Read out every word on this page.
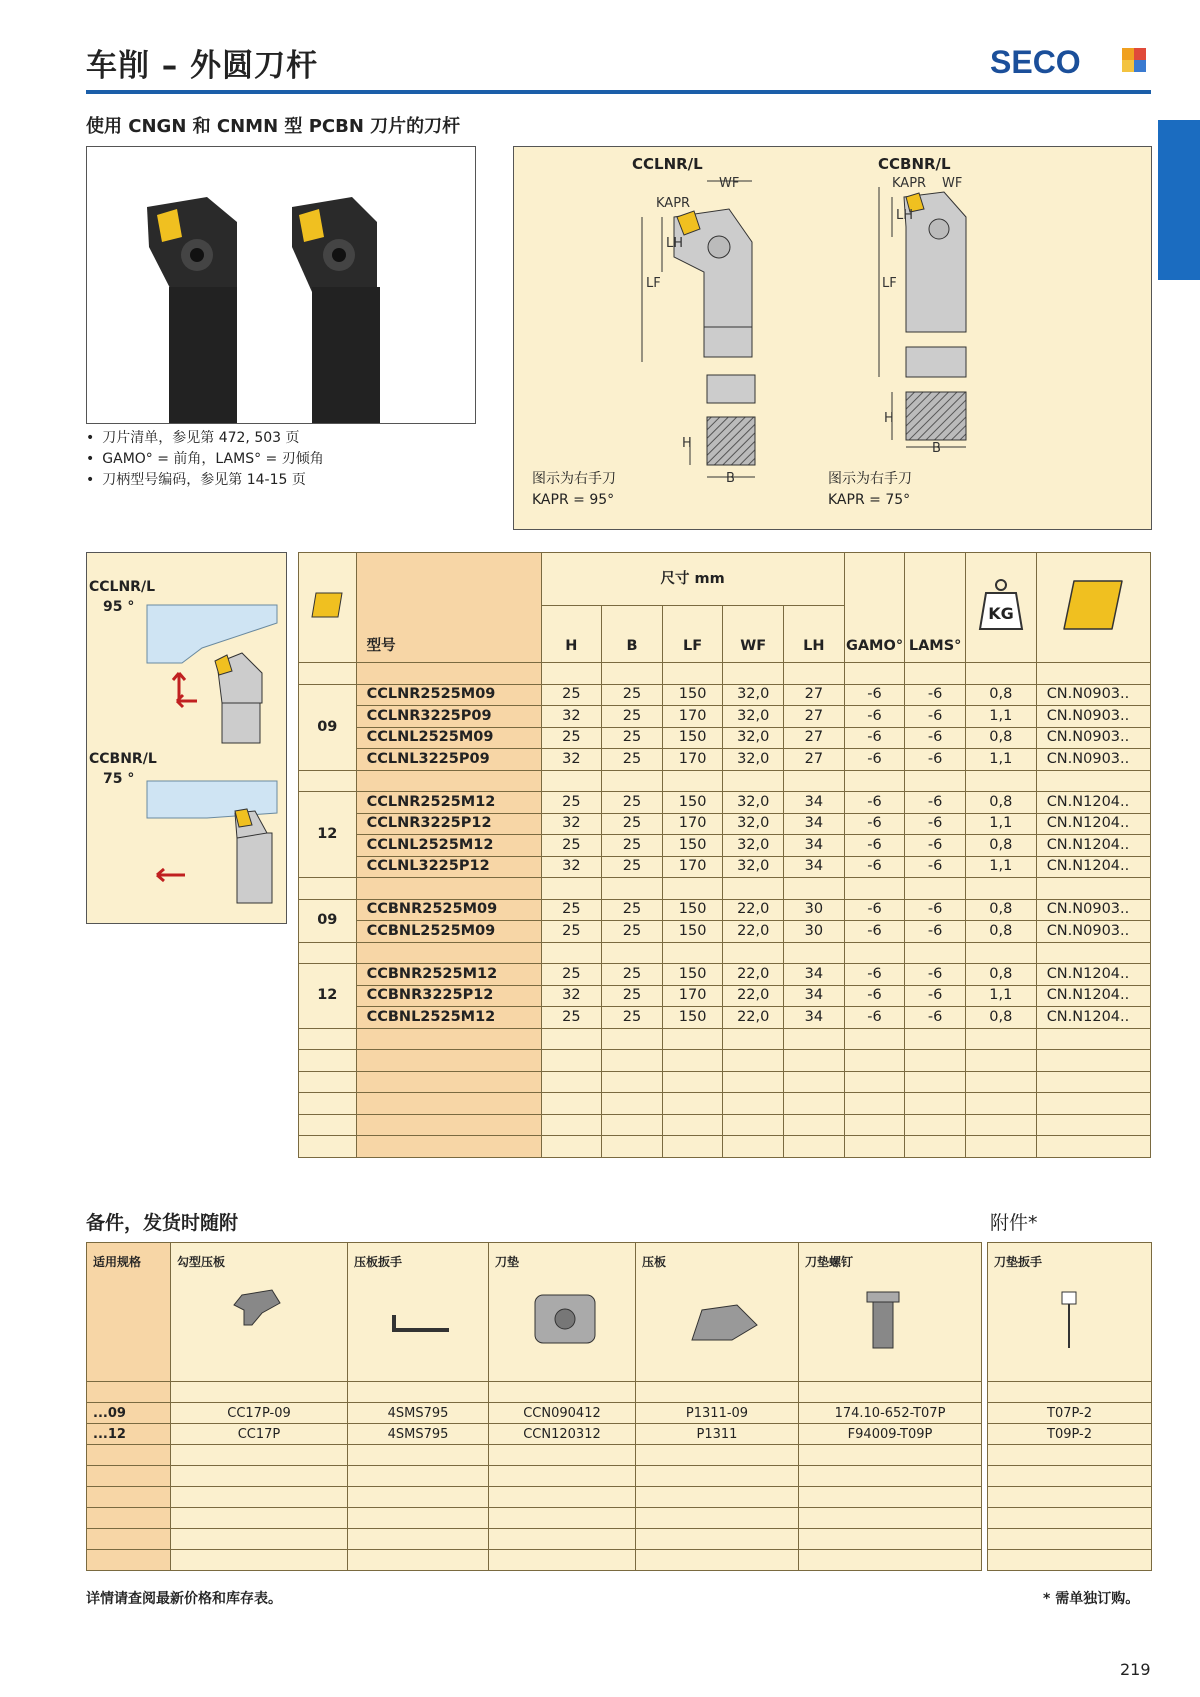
车削 – 外圆刀杆	SECO
使用 CNGN 和 CNMN 型 PCBN 刀片的刀杆
• 刀片清单，参见第 472, 503 页
• GAMO° = 前角，LAMS° = 刃倾角
• 刀柄型号编码，参见第 14-15 页
CCLNR/L	CCBNR/L
WF
KAPR
LH
LF
H
B
KAPR WF
LH
LF
H
B
图示为右手刀
KAPR = 95°
图示为右手刀
KAPR = 75°
CCLNR/L
95 °
CCBNR/L
75 °
	型号	尺寸 mm					GAMO°	LAMS°	KG

		H	B	LF	WF	LH				

09	CCLNR2525M09	25	25	150	32,0	27	-6	-6	0,8	CN.N0903..
	CCLNR3225P09	32	25	170	32,0	27	-6	-6	1,1	CN.N0903..
	CCLNL2525M09	25	25	150	32,0	27	-6	-6	0,8	CN.N0903..
	CCLNL3225P09	32	25	170	32,0	27	-6	-6	1,1	CN.N0903..

12	CCLNR2525M12	25	25	150	32,0	34	-6	-6	0,8	CN.N1204..
	CCLNR3225P12	32	25	170	32,0	34	-6	-6	1,1	CN.N1204..
	CCLNL2525M12	25	25	150	32,0	34	-6	-6	0,8	CN.N1204..
	CCLNL3225P12	32	25	170	32,0	34	-6	-6	1,1	CN.N1204..

09	CCBNR2525M09	25	25	150	22,0	30	-6	-6	0,8	CN.N0903..
	CCBNL2525M09	25	25	150	22,0	30	-6	-6	0,8	CN.N0903..

12	CCBNR2525M12	25	25	150	22,0	34	-6	-6	0,8	CN.N1204..
	CCBNR3225P12	32	25	170	22,0	34	-6	-6	1,1	CN.N1204..
	CCBNL2525M12	25	25	150	22,0	34	-6	-6	0,8	CN.N1204..

备件，发货时随附	附件*
适用规格	勾型压板	压板扳手	刀垫	压板	刀垫螺钉		刀垫扳手

...09	CC17P-09	4SMS795	CCN090412	P1311-09	174.10-652-T07P		T07P-2
...12	CC17P	4SMS795	CCN120312	P1311	F94009-T09P		T09P-2

详情请查阅最新价格和库存表。	* 需单独订购。
219
